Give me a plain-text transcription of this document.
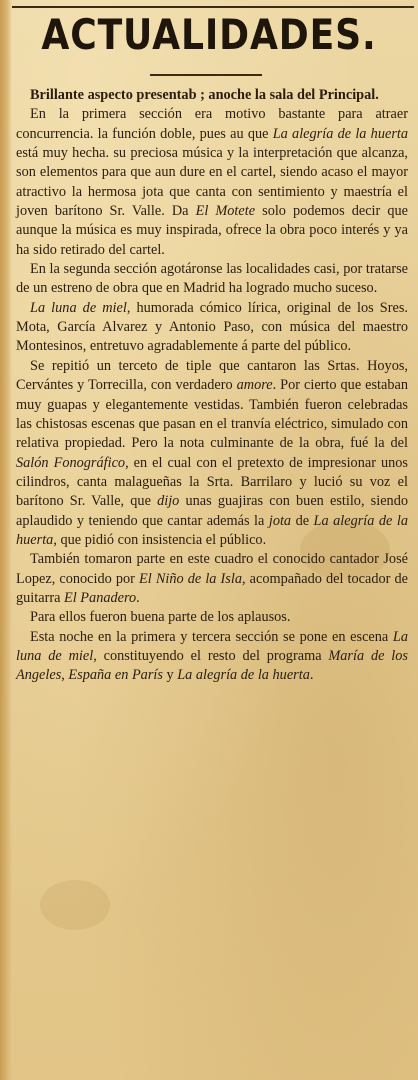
ACTUALIDADES.

Brillante aspecto presentab ; anoche la sala del Principal.

En la primera sección era motivo bastante para atraer concurrencia. la función doble, pues au que La alegría de la huerta está muy hecha. su preciosa música y la interpretación que alcanza, son elementos para que aun dure en el cartel, siendo acaso el mayor atractivo la hermosa jota que canta con sentimiento y maestría el joven barítono Sr. Valle. Da El Motete solo podemos decir que aunque la música es muy inspirada, ofrece la obra poco interés y ya ha sido retirado del cartel.

En la segunda sección agotáronse las localidades casi, por tratarse de un estreno de obra que en Madrid ha logrado mucho suceso.

La luna de miel, humorada cómico lírica, original de los Sres. Mota, García Alvarez y Antonio Paso, con música del maestro Montesinos, entretuvo agradablemente á parte del público.

Se repitió un terceto de tiple que cantaron las Srtas. Hoyos, Cervántes y Torrecilla, con verdadero amore. Por cierto que estaban muy guapas y elegantemente vestidas. También fueron celebradas las chistosas escenas que pasan en el tranvía eléctrico, simulado con relativa propiedad. Pero la nota culminante de la obra, fué la del Salón Fonográfico, en el cual con el pretexto de impresionar unos cilindros, canta malagueñas la Srta. Barrilaro y lució su voz el barítono Sr. Valle, que dijo unas guajiras con buen estilo, siendo aplaudido y teniendo que cantar además la jota de La alegría de la huerta, que pidió con insistencia el público.

También tomaron parte en este cuadro el conocido cantador José Lopez, conocido por El Niño de la Isla, acompañado del tocador de guitarra El Panadero.

Para ellos fueron buena parte de los aplausos.

Esta noche en la primera y tercera sección se pone en escena La luna de miel, constituyendo el resto del programa María de los Angeles, España en París y La alegría de la huerta.
